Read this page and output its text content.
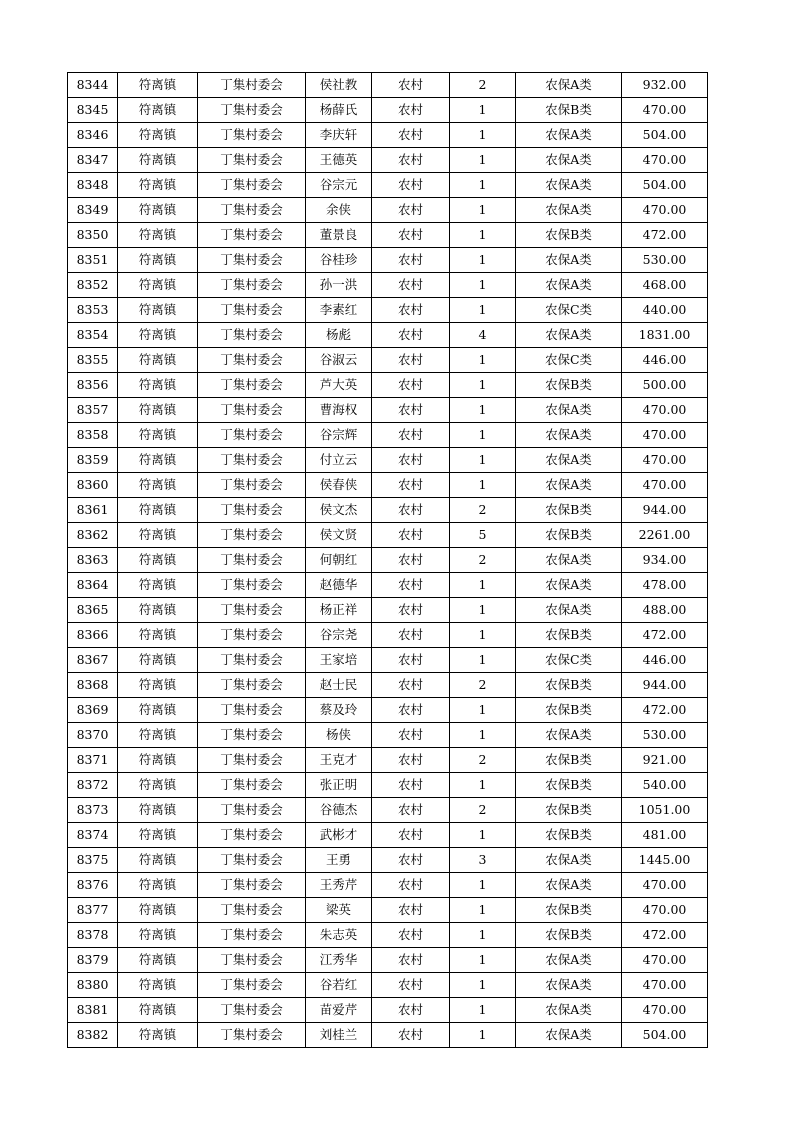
8344	符离镇	丁集村委会	侯社教	农村	2	农保A类	932.00
8345	符离镇	丁集村委会	杨薛氏	农村	1	农保B类	470.00
8346	符离镇	丁集村委会	李庆轩	农村	1	农保A类	504.00
8347	符离镇	丁集村委会	王德英	农村	1	农保A类	470.00
8348	符离镇	丁集村委会	谷宗元	农村	1	农保A类	504.00
8349	符离镇	丁集村委会	余侠	农村	1	农保A类	470.00
8350	符离镇	丁集村委会	董景良	农村	1	农保B类	472.00
8351	符离镇	丁集村委会	谷桂珍	农村	1	农保A类	530.00
8352	符离镇	丁集村委会	孙一洪	农村	1	农保A类	468.00
8353	符离镇	丁集村委会	李素红	农村	1	农保C类	440.00
8354	符离镇	丁集村委会	杨彪	农村	4	农保A类	1831.00
8355	符离镇	丁集村委会	谷淑云	农村	1	农保C类	446.00
8356	符离镇	丁集村委会	芦大英	农村	1	农保B类	500.00
8357	符离镇	丁集村委会	曹海权	农村	1	农保A类	470.00
8358	符离镇	丁集村委会	谷宗辉	农村	1	农保A类	470.00
8359	符离镇	丁集村委会	付立云	农村	1	农保A类	470.00
8360	符离镇	丁集村委会	侯春侠	农村	1	农保A类	470.00
8361	符离镇	丁集村委会	侯文杰	农村	2	农保B类	944.00
8362	符离镇	丁集村委会	侯文贤	农村	5	农保B类	2261.00
8363	符离镇	丁集村委会	何朝红	农村	2	农保A类	934.00
8364	符离镇	丁集村委会	赵德华	农村	1	农保A类	478.00
8365	符离镇	丁集村委会	杨正祥	农村	1	农保A类	488.00
8366	符离镇	丁集村委会	谷宗尧	农村	1	农保B类	472.00
8367	符离镇	丁集村委会	王家培	农村	1	农保C类	446.00
8368	符离镇	丁集村委会	赵士民	农村	2	农保B类	944.00
8369	符离镇	丁集村委会	蔡及玲	农村	1	农保B类	472.00
8370	符离镇	丁集村委会	杨侠	农村	1	农保A类	530.00
8371	符离镇	丁集村委会	王克才	农村	2	农保B类	921.00
8372	符离镇	丁集村委会	张正明	农村	1	农保B类	540.00
8373	符离镇	丁集村委会	谷德杰	农村	2	农保B类	1051.00
8374	符离镇	丁集村委会	武彬才	农村	1	农保B类	481.00
8375	符离镇	丁集村委会	王勇	农村	3	农保A类	1445.00
8376	符离镇	丁集村委会	王秀芹	农村	1	农保A类	470.00
8377	符离镇	丁集村委会	梁英	农村	1	农保B类	470.00
8378	符离镇	丁集村委会	朱志英	农村	1	农保B类	472.00
8379	符离镇	丁集村委会	江秀华	农村	1	农保A类	470.00
8380	符离镇	丁集村委会	谷若红	农村	1	农保A类	470.00
8381	符离镇	丁集村委会	苗爱芹	农村	1	农保A类	470.00
8382	符离镇	丁集村委会	刘桂兰	农村	1	农保A类	504.00
